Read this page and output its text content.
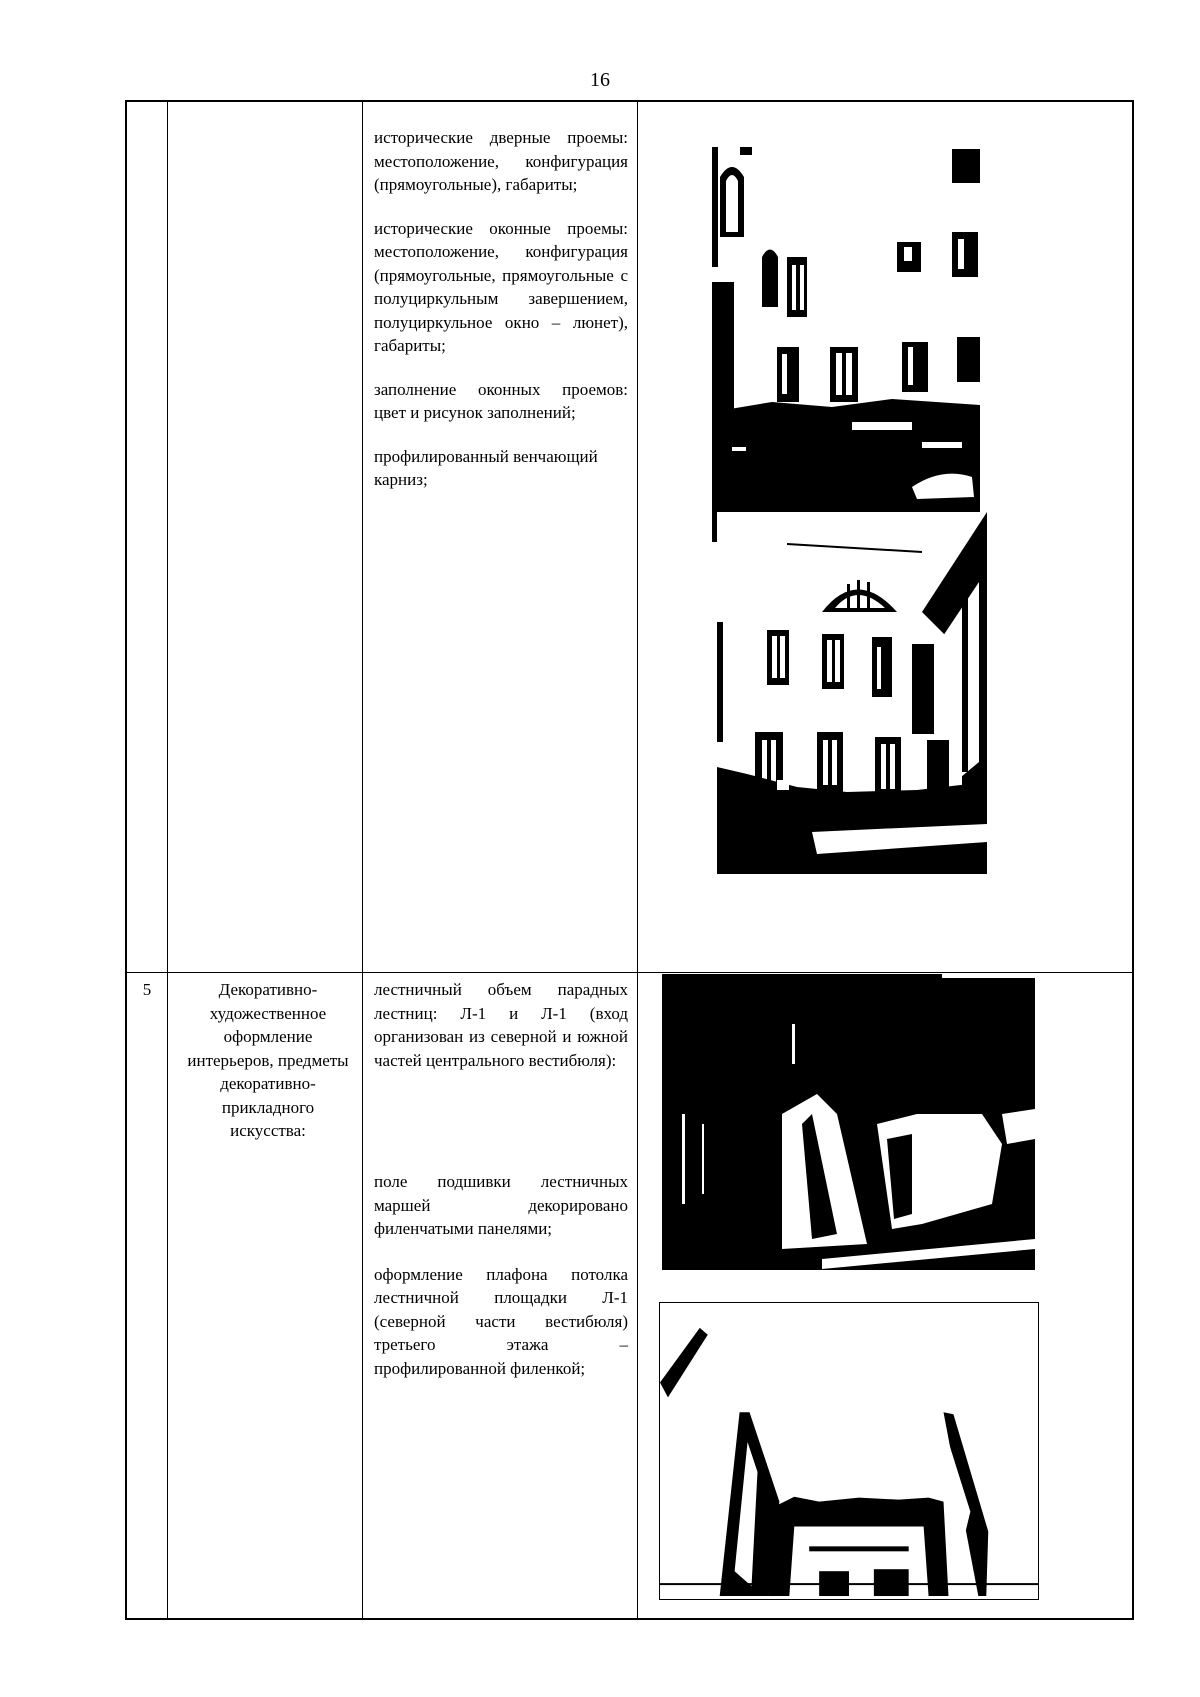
16

исторические дверные проемы: местоположение, конфигурация (прямоугольные), габариты;

исторические оконные проемы: местоположение, конфигурация (прямоугольные, прямоугольные с полуциркульным завершением, полуциркульное окно – люнет), габариты;

заполнение оконных проемов: цвет и рисунок заполнений;

профилированный венчающий карниз;

5	Декоративно-художественное оформление интерьеров, предметы декоративно-прикладного искусства:

лестничный объем парадных лестниц: Л-1 и Л-1 (вход организован из северной и южной частей центрального вестибюля):

поле подшивки лестничных маршей декорировано филенчатыми панелями;

оформление плафона потолка лестничной площадки Л-1 (северной части вестибюля) третьего этажа – профилированной филенкой;
